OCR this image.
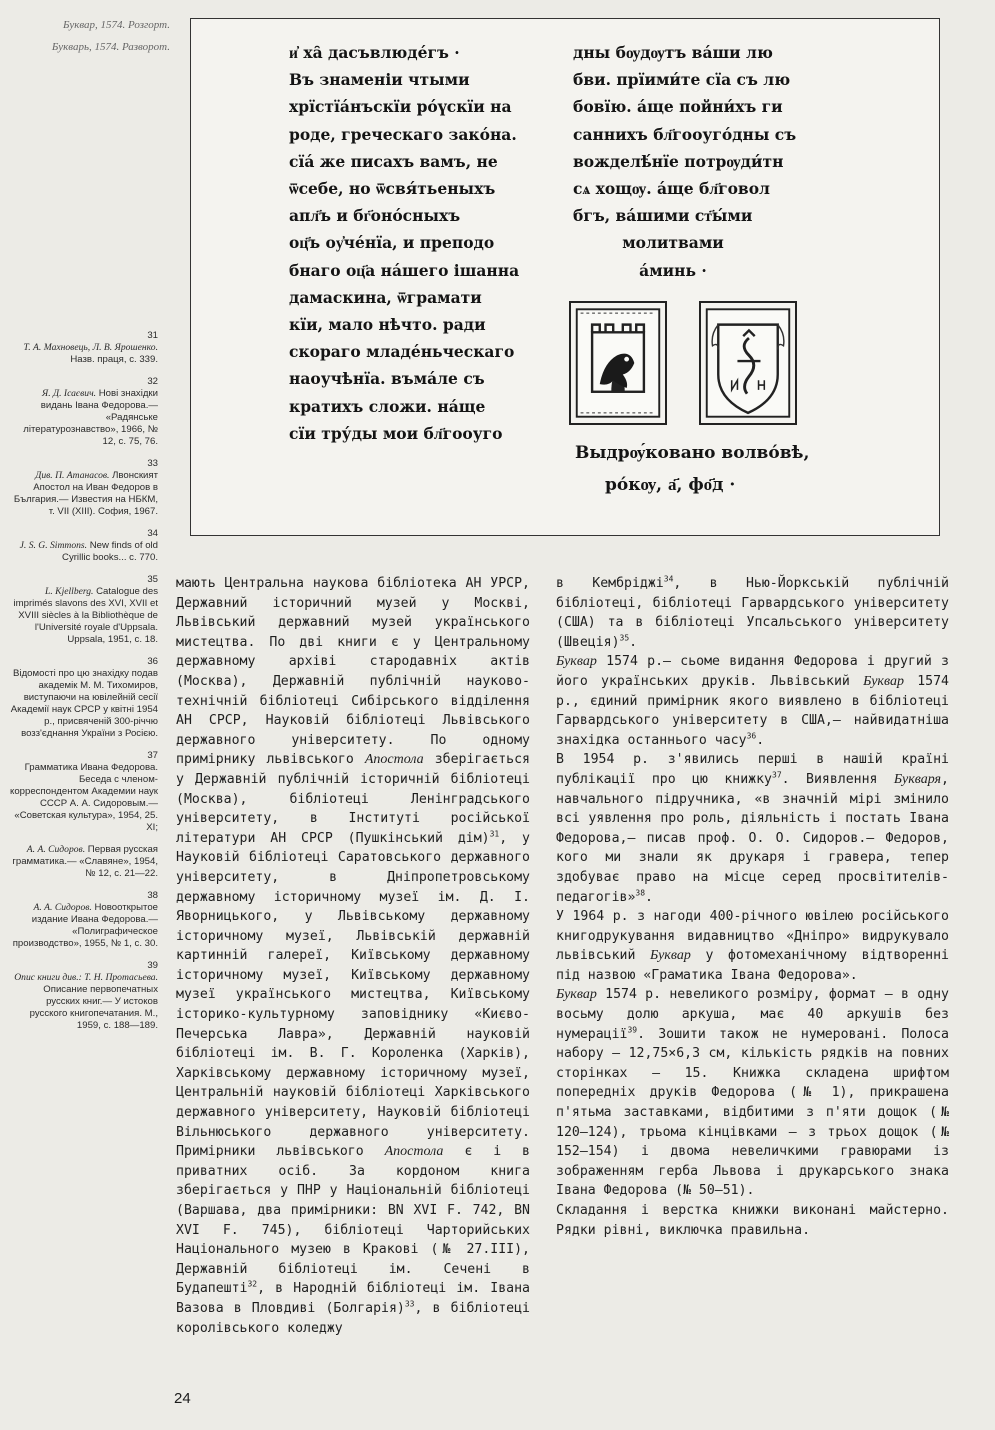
Буквар, 1574. Розгорт.
Букварь, 1574. Разворот.	и҆ ха̑ дасъвлюде́гъ ·
Въ знаменіи чтыми
хрїстїа́нъскїи ро́үскїи на
роде, греческаго зако́на.
сїа́ же писахъ вамъ, не
ѿсебе, но ѿсвя́тьеныхъ
апл҃ъ и бг҃оно́сныхъ
оц҃ъ оу҆че́нїа, и преподо
бнаго оц҃а на́шего ішанна
дамаскина, ѿграмати
кїи, мало нѣчто. ради
скораго младе́ньческаго
наоучѣнїа. въма́ле съ
кратихъ сложи. на́ще
сїи тру́ды мои бл҃гооуго
дны бѹдѹтъ ва́ши лю
бви. прїими́те сїа съ лю
бовїю. а́ще пойни́хъ ги
саннихъ бл҃гооуго́дны съ
вожделѣ́нїе потрѹди́тн
сѧ хощѹ. а́ще бл҃говол
бгъ, ва́шими ст҃ы́ми
молитвами
а́минь ·
Выдрѹ́ковано волво́вѣ,
ро́кѹ, а҃, фо҃д ·
31
Т. А. Махновець, Л. В. Ярошенко. Назв. праця, с. 339.
32
Я. Д. Ісаєвич. Нові знахідки видань Івана Федорова.— «Радянське літературознавство», 1966, № 12, с. 75, 76.
33
Див. П. Атанасов. Лвонският Апостол на Иван Федоров в България.— Известия на НБКМ, т. VII (XIII). София, 1967.
34
J. S. G. Simmons. New finds of old Cyrillic books... с. 770.
35
L. Kjellberg. Catalogue des imprimés slavons des XVI, XVII et XVIII siècles à la Bibliothèque de l'Université royale d'Uppsala. Uppsala, 1951, c. 18.
36
Відомості про цю знахідку подав академік М. М. Тихомиров, виступаючи на ювілейній сесії Академії наук СРСР у квітні 1954 р., присвяченій 300-річчю возз'єднання України з Росією.
37
Грамматика Ивана Федорова. Беседа с членом-корреспондентом Академии наук СССР А. А. Сидоровым.— «Советская культура», 1954, 25. XI;
А. А. Сидоров. Первая русская грамматика.— «Славяне», 1954, № 12, с. 21—22.
38
А. А. Сидоров. Новооткрытое издание Ивана Федорова.— «Полиграфическое производство», 1955, № 1, с. 30.
39
Опис книги див.: Т. Н. Протасьева. Описание первопечатных русских книг.— У истоков русского книгопечатания. М., 1959, с. 188—189.

мають Центральна наукова бібліотека АН УРСР, Державний історичний музей у Москві, Львівський державний музей українського мистецтва. По дві книги є у Центральному державному архіві стародавніх актів (Москва), Державній публічній науково-технічній бібліотеці Сибірського відділення АН СРСР, Науковій бібліотеці Львівського державного університету. По одному примірнику львівського Апостола зберігається у Державній публічній історичній бібліотеці (Москва), бібліотеці Ленінградського університету, в Інституті російської літератури АН СРСР (Пушкінський дім)$^{31}$, у Науковій бібліотеці Саратовського державного університету, в Дніпропетровському державному історичному музеї ім. Д. І. Яворницького, у Львівському державному історичному музеї, Львівській державній картинній галереї, Київському державному історичному музеї, Київському державному музеї українського мистецтва, Київському історико-культурному заповіднику «Києво-Печерська Лавра», Державній науковій бібліотеці ім. В. Г. Короленка (Харків), Харківському державному історичному музеї, Центральній науковій бібліотеці Харківського державного університету, Науковій бібліотеці Вільнюського державного університету. Примірники львівського Апостола є і в приватних осіб. За кордоном книга зберігається у ПНР у Національній бібліотеці (Варшава, два примірники: BN XVI F. 742, BN XVI F. 745), бібліотеці Чарторийських Національного музею в Кракові (№ 27.III), Державній бібліотеці ім. Сечені в Будапешті$^{32}$, в Народній бібліотеці ім. Івана Вазова в Пловдиві (Болгарія)$^{33}$, в бібліотеці королівського коледжу

в Кембріджі$^{34}$, в Нью-Йоркській публічній бібліотеці, бібліотеці Гарвардського університету (США) та в бібліотеці Упсальського університету (Швеція)$^{35}$.

Буквар 1574 р.— сьоме видання Федорова і другий з його українських друків. Львівський Буквар 1574 р., єдиний примірник якого виявлено в бібліотеці Гарвардського університету в США,— найвидатніша знахідка останнього часу$^{36}$.

В 1954 р. з'явились перші в нашій країні публікації про цю книжку$^{37}$. Виявлення Букваря, навчального підручника, «в значній мірі змінило всі уявлення про роль, діяльність і постать Івана Федорова,— писав проф. О. О. Сидоров.— Федоров, кого ми знали як друкаря і гравера, тепер здобуває право на місце серед просвітителів-педагогів»$^{38}$.

У 1964 р. з нагоди 400-річного ювілею російського книгодрукування видавництво «Дніпро» видрукувало львівський Буквар у фотомеханічному відтворенні під назвою «Граматика Івана Федорова».

Буквар 1574 р. невеликого розміру, формат — в одну восьму долю аркуша, має 40 аркушів без нумерації$^{39}$. Зошити також не нумеровані. Полоса набору — 12,75×6,3 см, кількість рядків на повних сторінках — 15. Книжка складена шрифтом попередніх друків Федорова (№ 1), прикрашена п'ятьма заставками, відбитими з п'яти дощок (№ 120—124), трьома кінцівками — з трьох дощок (№ 152—154) і двома невеличкими гравюрами із зображенням герба Львова і друкарського знака Івана Федорова (№ 50—51).

Складання і верстка книжки виконані майстерно. Рядки рівні, виключка правильна.

24
